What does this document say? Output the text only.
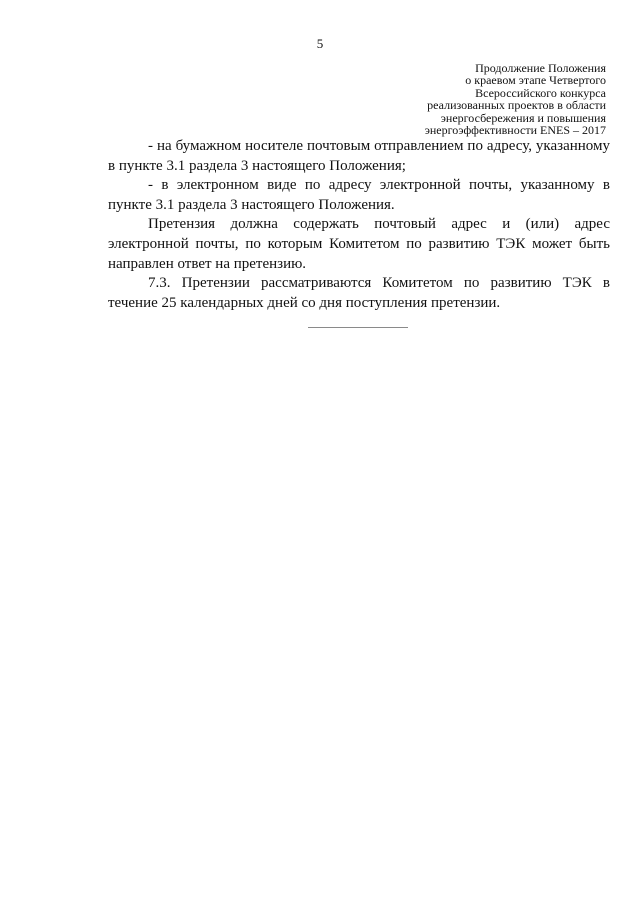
5
Продолжение Положения
о краевом этапе Четвертого
Всероссийского конкурса
реализованных проектов в области
энергосбережения и повышения
энергоэффективности ENES – 2017

- на бумажном носителе почтовым отправлением по адресу, указанному в пункте 3.1 раздела 3 настоящего Положения;

- в электронном виде по адресу электронной почты, указанному в пункте 3.1 раздела 3 настоящего Положения.

Претензия должна содержать почтовый адрес и (или) адрес электронной почты, по которым Комитетом по развитию ТЭК может быть направлен ответ на претензию.

7.3. Претензии рассматриваются Комитетом по развитию ТЭК в течение 25 календарных дней со дня поступления претензии.
